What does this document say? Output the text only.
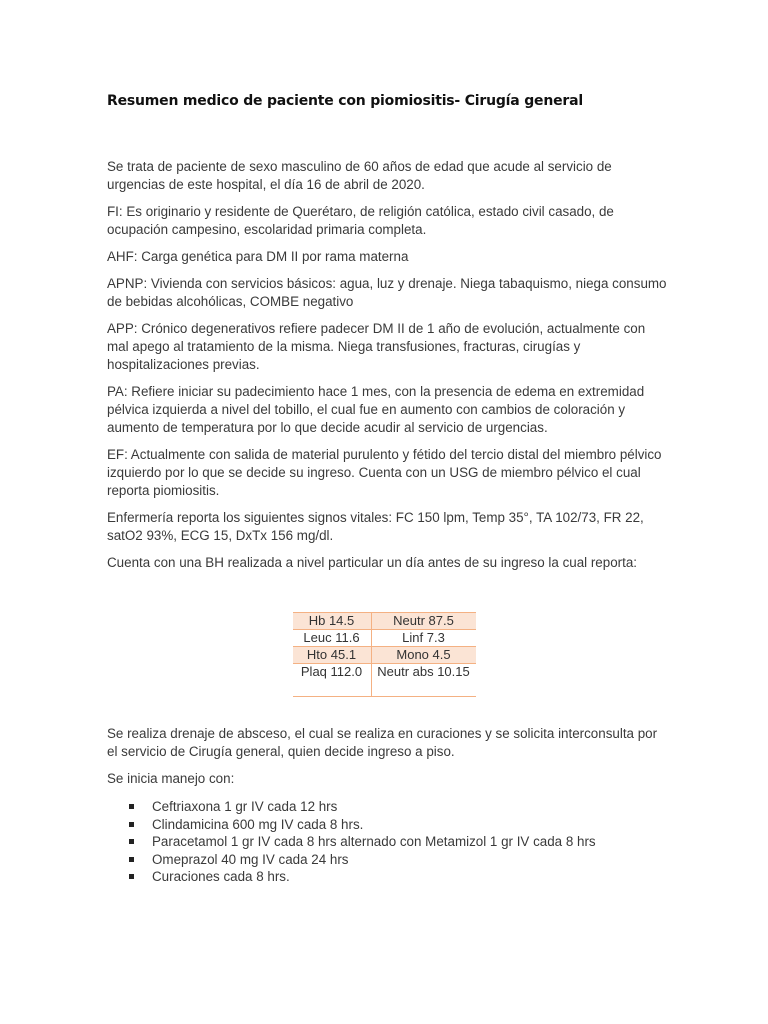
Resumen medico de paciente con piomiositis- Cirugía general

Se trata de paciente de sexo masculino de 60 años de edad que acude al servicio de urgencias de este hospital, el día 16 de abril de 2020.

FI: Es originario y residente de Querétaro, de religión católica, estado civil casado, de ocupación campesino, escolaridad primaria completa.

AHF: Carga genética para DM II por rama materna

APNP: Vivienda con servicios básicos: agua, luz y drenaje. Niega tabaquismo, niega consumo de bebidas alcohólicas, COMBE negativo

APP: Crónico degenerativos refiere padecer DM II de 1 año de evolución, actualmente con mal apego al tratamiento de la misma. Niega transfusiones, fracturas, cirugías y hospitalizaciones previas.

PA: Refiere iniciar su padecimiento hace 1 mes, con la presencia de edema en extremidad pélvica izquierda a nivel del tobillo, el cual fue en aumento con cambios de coloración y aumento de temperatura por lo que decide acudir al servicio de urgencias.

EF: Actualmente con salida de material purulento y fétido del tercio distal del miembro pélvico izquierdo por lo que se decide su ingreso. Cuenta con un USG de miembro pélvico el cual reporta piomiositis.

Enfermería reporta los siguientes signos vitales: FC 150 lpm, Temp 35°, TA 102/73, FR 22, satO2 93%, ECG 15, DxTx 156 mg/dl.

Cuenta con una BH realizada a nivel particular un día antes de su ingreso la cual reporta:

Hb 14.5	Neutr 87.5
Leuc 11.6	Linf 7.3
Hto 45.1	Mono 4.5
Plaq 112.0	Neutr abs 10.15

Se realiza drenaje de absceso, el cual se realiza en curaciones y se solicita interconsulta por el servicio de Cirugía general, quien decide ingreso a piso.

Se inicia manejo con:

Ceftriaxona 1 gr IV cada 12 hrs
Clindamicina 600 mg IV cada 8 hrs.
Paracetamol 1 gr IV cada 8 hrs alternado con Metamizol 1 gr IV cada 8 hrs
Omeprazol 40 mg IV cada 24 hrs
Curaciones cada 8 hrs.
